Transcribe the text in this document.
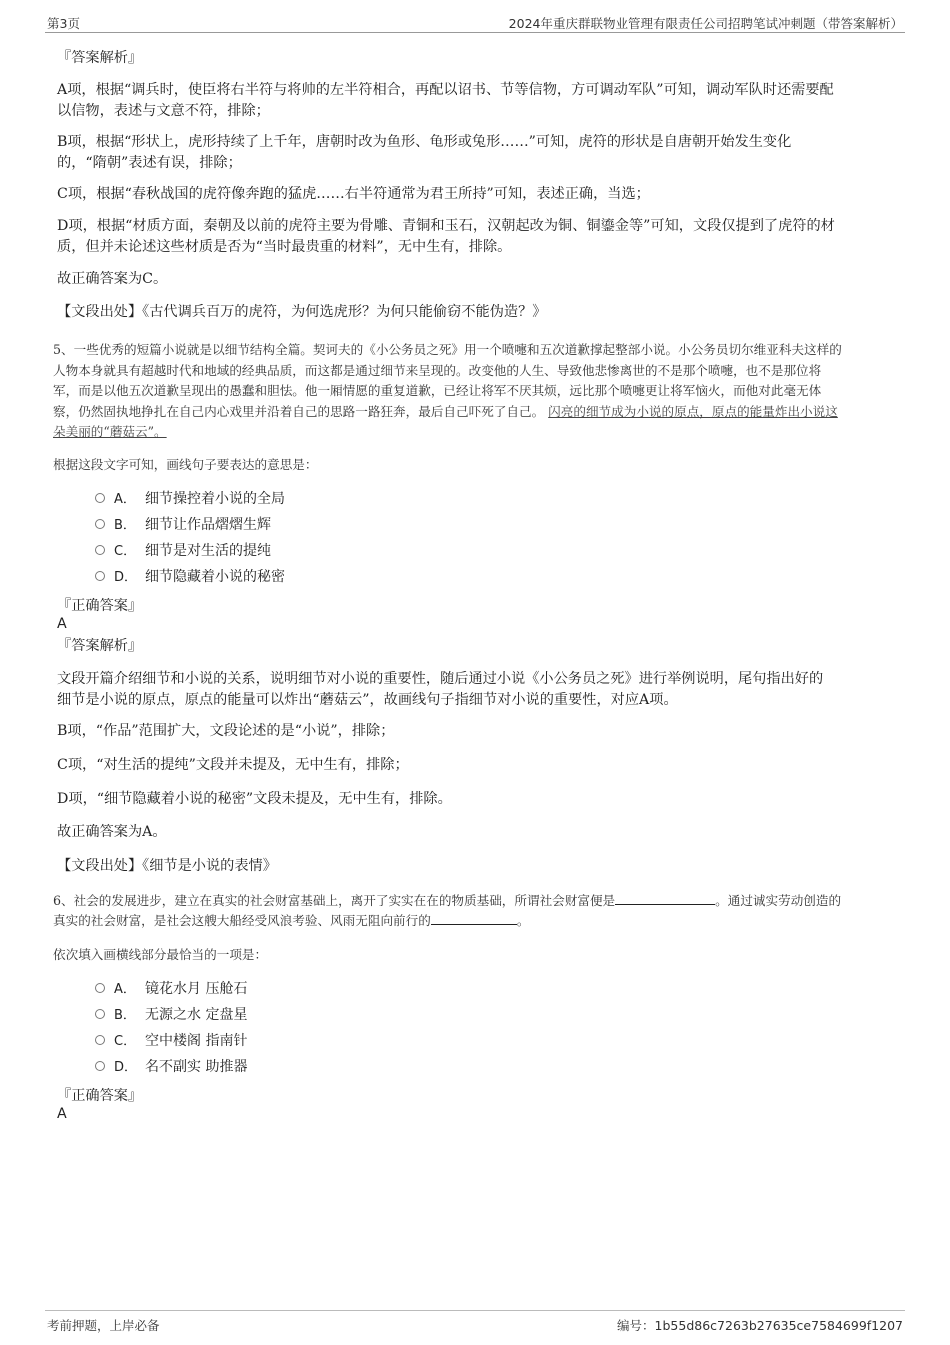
第3页	2024年重庆群联物业管理有限责任公司招聘笔试冲刺题（带答案解析）

『答案解析』

A项，根据“调兵时，使臣将右半符与将帅的左半符相合，再配以诏书、节等信物，方可调动军队”可知，调动军队时还需要配

以信物，表述与文意不符，排除；

B项，根据“形状上，虎形持续了上千年，唐朝时改为鱼形、龟形或兔形……”可知，虎符的形状是自唐朝开始发生变化

的，“隋朝”表述有误，排除；

C项，根据“春秋战国的虎符像奔跑的猛虎……右半符通常为君王所持”可知，表述正确，当选；

D项，根据“材质方面，秦朝及以前的虎符主要为骨雕、青铜和玉石，汉朝起改为铜、铜鎏金等”可知，文段仅提到了虎符的材

质，但并未论述这些材质是否为“当时最贵重的材料”，无中生有，排除。

故正确答案为C。

【文段出处】《古代调兵百万的虎符，为何选虎形？为何只能偷窃不能伪造？》

5、一些优秀的短篇小说就是以细节结构全篇。契诃夫的《小公务员之死》用一个喷嚏和五次道歉撑起整部小说。小公务员切尔维亚科夫这样的

人物本身就具有超越时代和地域的经典品质，而这都是通过细节来呈现的。改变他的人生、导致他悲惨离世的不是那个喷嚏，也不是那位将

军，而是以他五次道歉呈现出的愚蠢和胆怯。他一厢情愿的重复道歉，已经让将军不厌其烦，远比那个喷嚏更让将军恼火，而他对此毫无体

察，仍然固执地挣扎在自己内心戏里并沿着自己的思路一路狂奔，最后自己吓死了自己。 闪亮的细节成为小说的原点，原点的能量炸出小说这

朵美丽的“蘑菇云”。

根据这段文字可知，画线句子要表达的意思是：

A． 细节操控着小说的全局
B． 细节让作品熠熠生辉
C． 细节是对生活的提纯
D． 细节隐藏着小说的秘密

『正确答案』

A

『答案解析』

文段开篇介绍细节和小说的关系，说明细节对小说的重要性，随后通过小说《小公务员之死》进行举例说明，尾句指出好的

细节是小说的原点，原点的能量可以炸出“蘑菇云”，故画线句子指细节对小说的重要性，对应A项。

B项，“作品”范围扩大，文段论述的是“小说”，排除；

C项，“对生活的提纯”文段并未提及，无中生有，排除；

D项，“细节隐藏着小说的秘密”文段未提及，无中生有，排除。

故正确答案为A。

【文段出处】《细节是小说的表情》

6、社会的发展进步，建立在真实的社会财富基础上，离开了实实在在的物质基础，所谓社会财富便是	。通过诚实劳动创造的

真实的社会财富，是社会这艘大船经受风浪考验、风雨无阻向前行的	。

依次填入画横线部分最恰当的一项是：

A． 镜花水月 压舱石
B． 无源之水 定盘星
C． 空中楼阁 指南针
D． 名不副实 助推器

『正确答案』

A

考前押题，上岸必备	编号：1b55d86c7263b27635ce7584699f1207
